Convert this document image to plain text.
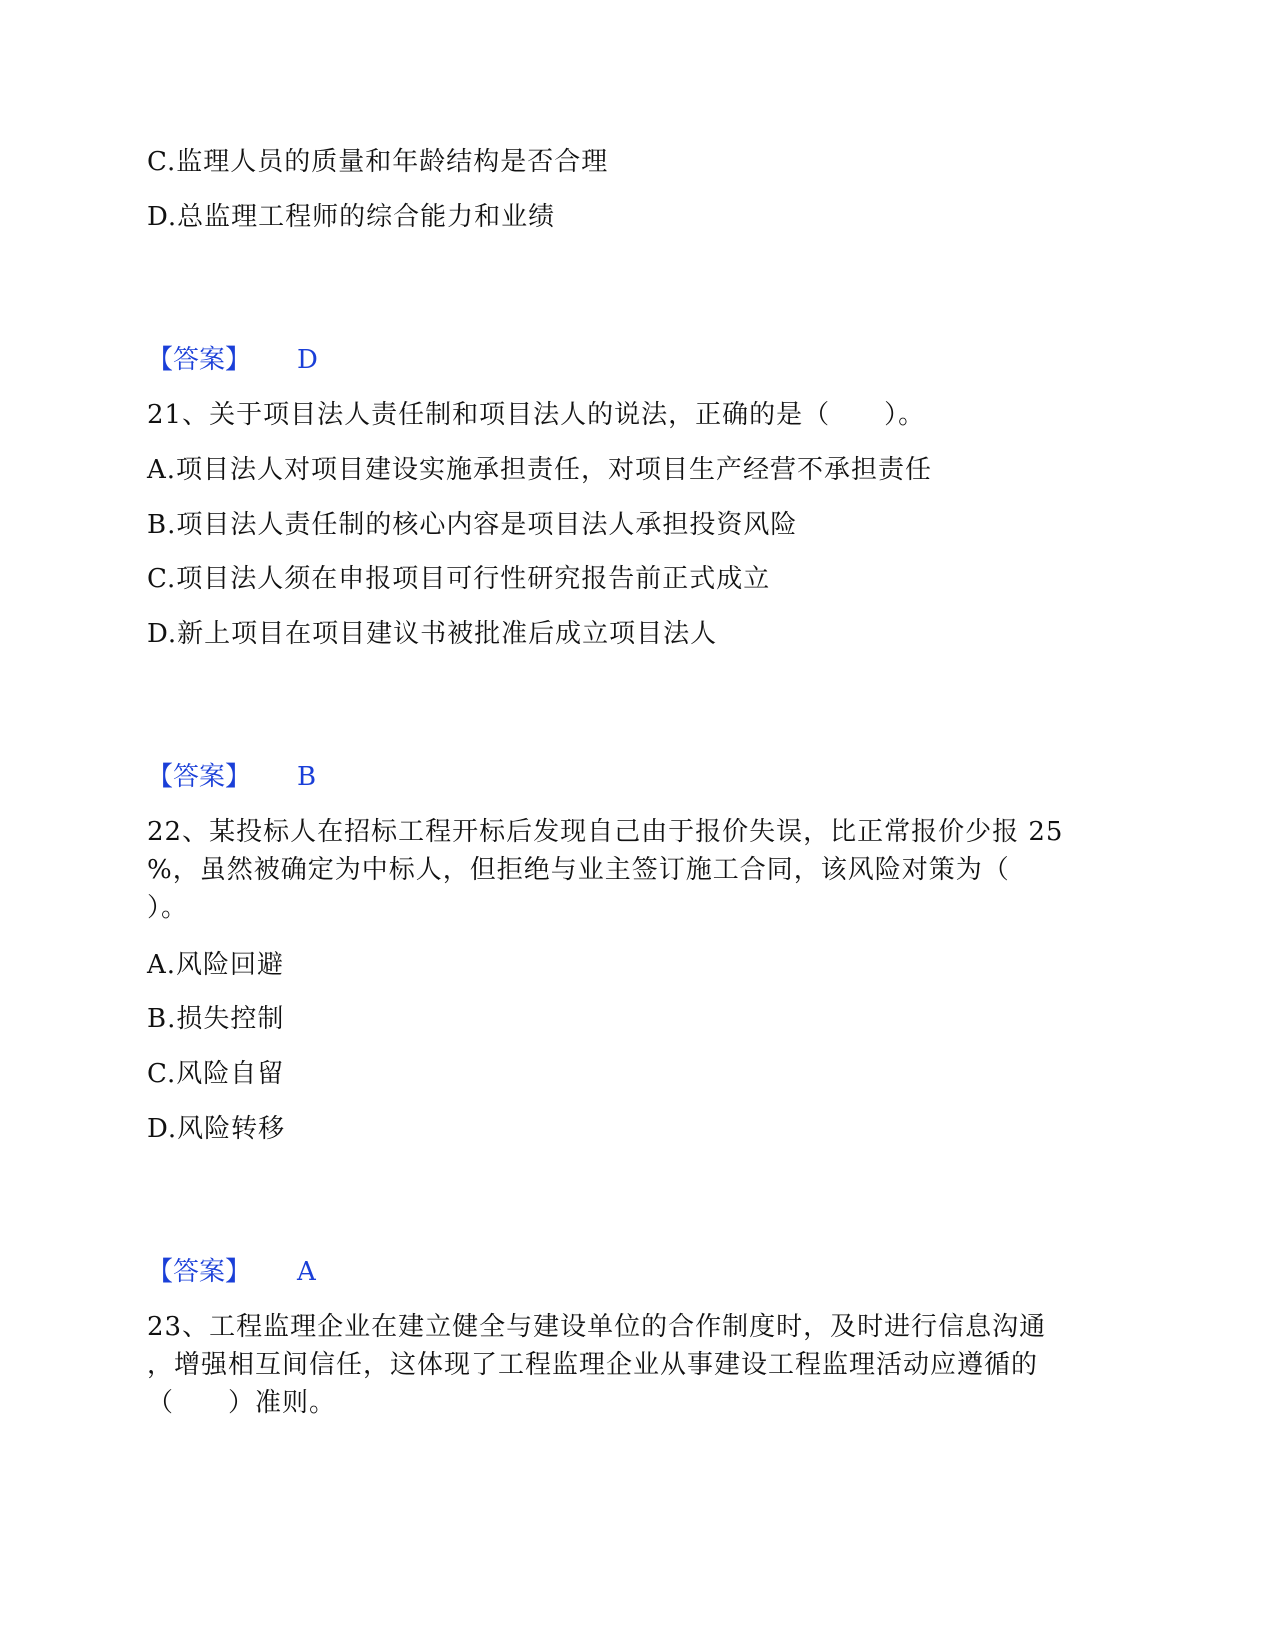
C.监理人员的质量和年龄结构是否合理
D.总监理工程师的综合能力和业绩
【答案】 D
21、关于项目法人责任制和项目法人的说法，正确的是（　　）。
A.项目法人对项目建设实施承担责任，对项目生产经营不承担责任
B.项目法人责任制的核心内容是项目法人承担投资风险
C.项目法人须在申报项目可行性研究报告前正式成立
D.新上项目在项目建议书被批准后成立项目法人
【答案】 B
22、某投标人在招标工程开标后发现自己由于报价失误，比正常报价少报 25
%，虽然被确定为中标人，但拒绝与业主签订施工合同，该风险对策为（
）。
A.风险回避
B.损失控制
C.风险自留
D.风险转移
【答案】 A
23、工程监理企业在建立健全与建设单位的合作制度时，及时进行信息沟通
，增强相互间信任，这体现了工程监理企业从事建设工程监理活动应遵循的
（　　）准则。
